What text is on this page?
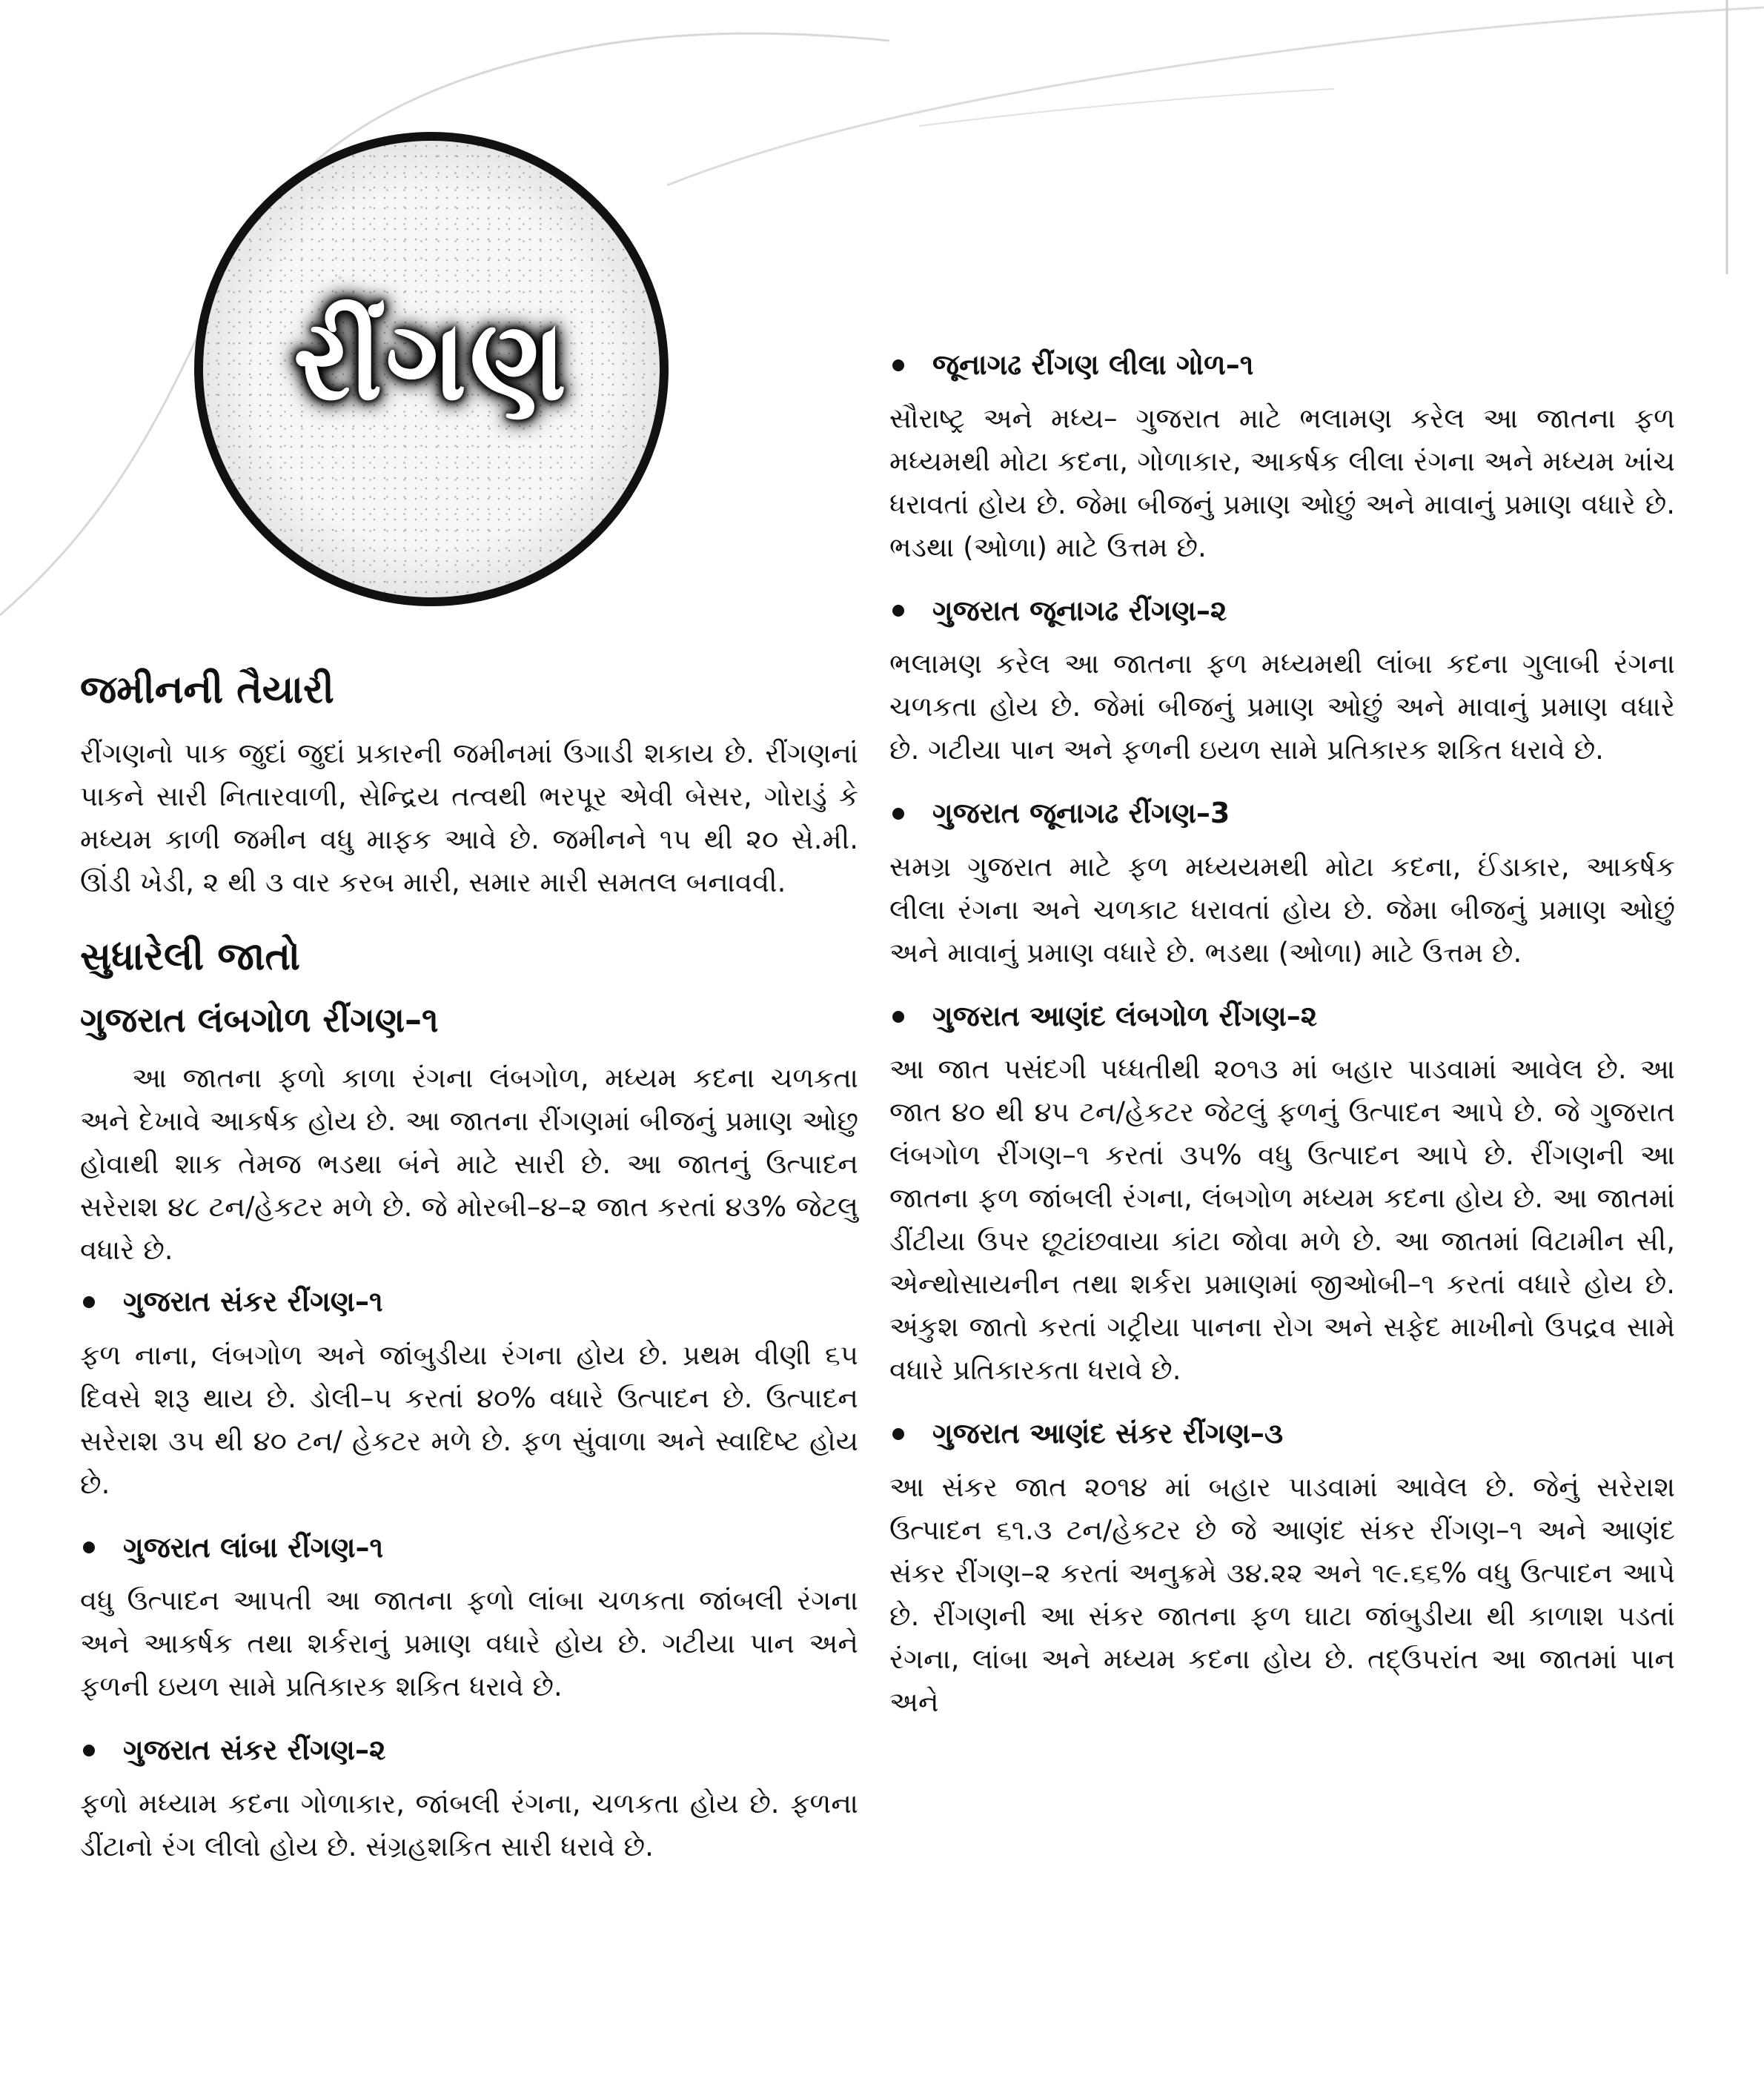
રીંગણ
જમીનની તૈયારી

રીંગણનો પાક જુદાં જુદાં પ્રકારની જમીનમાં ઉગાડી શકાય છે. રીંગણનાં પાકને સારી નિતારવાળી, સેન્દ્રિય તત્વથી ભરપૂર એવી બેસર, ગોરાડું કે મધ્યમ કાળી જમીન વધુ માફક આવે છે. જમીનને ૧૫ થી ૨૦ સે.મી. ઊંડી ખેડી, ૨ થી ૩ વાર કરબ મારી, સમાર મારી સમતલ બનાવવી.

સુધારેલી જાતો
ગુજરાત લંબગોળ રીંગણ–૧

આ જાતના ફળો કાળા રંગના લંબગોળ, મધ્યમ કદના ચળકતા અને દેખાવે આકર્ષક હોય છે. આ જાતના રીંગણમાં બીજનું પ્રમાણ ઓછુ હોવાથી શાક તેમજ ભડથા બંને માટે સારી છે. આ જાતનું ઉત્પાદન સરેરાશ ૪૮ ટન/હેકટર મળે છે. જે મોરબી–૪–૨ જાત કરતાં ૪૩% જેટલુ વધારે છે.

ગુજરાત સંકર રીંગણ–૧

ફળ નાના, લંબગોળ અને જાંબુડીયા રંગના હોય છે. પ્રથમ વીણી ૬૫ દિવસે શરૂ થાય છે. ડોલી–૫ કરતાં ૪૦% વધારે ઉત્પાદન છે. ઉત્પાદન સરેરાશ ૩૫ થી ૪૦ ટન/ હેકટર મળે છે. ફળ સુંવાળા અને સ્વાદિષ્ટ હોય છે.

ગુજરાત લાંબા રીંગણ–૧

વધુ ઉત્પાદન આપતી આ જાતના ફળો લાંબા ચળકતા જાંબલી રંગના અને આકર્ષક તથા શર્કરાનું પ્રમાણ વધારે હોય છે. ગટીયા પાન અને ફળની ઇયળ સામે પ્રતિકારક શકિત ધરાવે છે.

ગુજરાત સંકર રીંગણ–૨

ફળો મધ્યામ કદના ગોળાકાર, જાંબલી રંગના, ચળકતા હોય છે. ફળના ડીંટાનો રંગ લીલો હોય છે. સંગ્રહશકિત સારી ધરાવે છે.

જૂનાગઢ રીંગણ લીલા ગોળ–૧

સૌરાષ્ટ્ર અને મધ્ય– ગુજરાત માટે ભલામણ કરેલ આ જાતના ફળ મધ્યમથી મોટા કદના, ગોળાકાર, આકર્ષક લીલા રંગના અને મધ્યમ ખાંચ ધરાવતાં હોય છે. જેમા બીજનું પ્રમાણ ઓછું અને માવાનું પ્રમાણ વધારે છે. ભડથા (ઓળા) માટે ઉત્તમ છે.

ગુજરાત જૂનાગઢ રીંગણ–૨

ભલામણ કરેલ આ જાતના ફળ મધ્યમથી લાંબા કદના ગુલાબી રંગના ચળકતા હોય છે. જેમાં બીજનું પ્રમાણ ઓછું અને માવાનું પ્રમાણ વધારે છે. ગટીયા પાન અને ફળની ઇયળ સામે પ્રતિકારક શકિત ધરાવે છે.

ગુજરાત જૂનાગઢ રીંગણ–3

સમગ્ર ગુજરાત માટે ફળ મધ્યયમથી મોટા કદના, ઈંડાકાર, આકર્ષક લીલા રંગના અને ચળકાટ ધરાવતાં હોય છે. જેમા બીજનું પ્રમાણ ઓછું અને માવાનું પ્રમાણ વધારે છે. ભડથા (ઓળા) માટે ઉત્તમ છે.

ગુજરાત આણંદ લંબગોળ રીંગણ–૨

આ જાત પસંદગી પધ્ધતીથી ૨૦૧૩ માં બહાર પાડવામાં આવેલ છે. આ જાત ૪૦ થી ૪૫ ટન/હેકટર જેટલું ફળનું ઉત્પાદન આપે છે. જે ગુજરાત લંબગોળ રીંગણ–૧ કરતાં ૩૫% વધુ ઉત્પાદન આપે છે. રીંગણની આ જાતના ફળ જાંબલી રંગના, લંબગોળ મધ્યમ કદના હોય છે. આ જાતમાં ડીંટીયા ઉપર છૂટાંછવાયા કાંટા જોવા મળે છે. આ જાતમાં વિટામીન સી, એન્થોસાયનીન તથા શર્કરા પ્રમાણમાં જીઓબી–૧ કરતાં વધારે હોય છે. અંકુશ જાતો કરતાં ગટ્રીયા પાનના રોગ અને સફેદ માખીનો ઉપદ્રવ સામે વધારે પ્રતિકારકતા ધરાવે છે.

ગુજરાત આણંદ સંકર રીંગણ–૩

આ સંકર જાત ૨૦૧૪ માં બહાર પાડવામાં આવેલ છે. જેનું સરેરાશ ઉત્પાદન ૬૧.૩ ટન/હેકટર છે જે આણંદ સંકર રીંગણ–૧ અને આણંદ સંકર રીંગણ–૨ કરતાં અનુક્રમે ૩૪.૨૨ અને ૧૯.૬૬% વધુ ઉત્પાદન આપે છે. રીંગણની આ સંકર જાતના ફળ ઘાટા જાંબુડીયા થી કાળાશ પડતાં રંગના, લાંબા અને મધ્યમ કદના હોય છે. તદ્ઉપરાંત આ જાતમાં પાન અને
